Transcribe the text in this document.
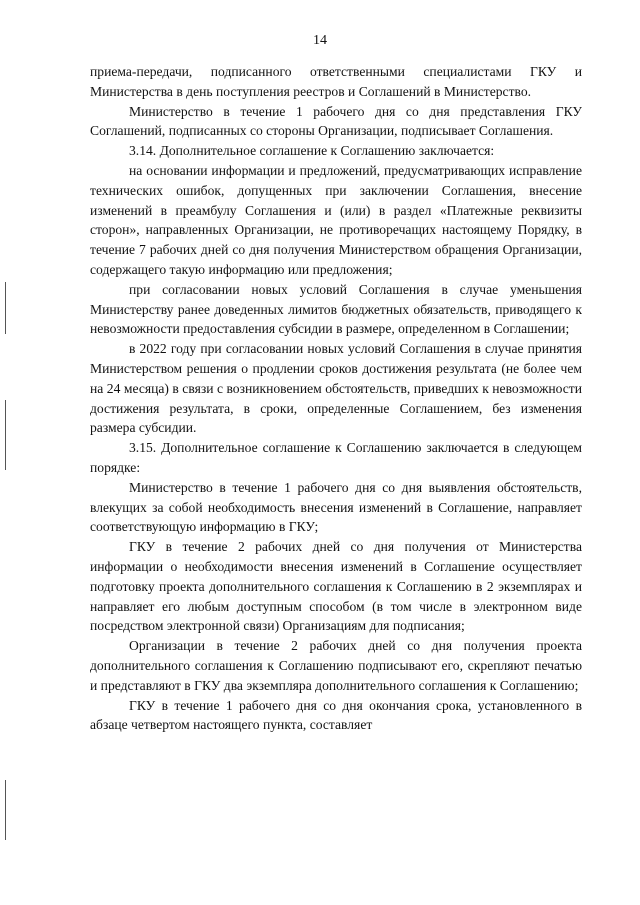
14

приема-передачи, подписанного ответственными специалистами ГКУ и Министерства в день поступления реестров и Соглашений в Министерство.

Министерство в течение 1 рабочего дня со дня представления ГКУ Соглашений, подписанных со стороны Организации, подписывает Соглашения.

3.14. Дополнительное соглашение к Соглашению заключается:

на основании информации и предложений, предусматривающих исправление технических ошибок, допущенных при заключении Соглашения, внесение изменений в преамбулу Соглашения и (или) в раздел «Платежные реквизиты сторон», направленных Организации, не противоречащих настоящему Порядку, в течение 7 рабочих дней со дня получения Министерством обращения Организации, содержащего такую информацию или предложения;

при согласовании новых условий Соглашения в случае уменьшения Министерству ранее доведенных лимитов бюджетных обязательств, приводящего к невозможности предоставления субсидии в размере, определенном в Соглашении;

в 2022 году при согласовании новых условий Соглашения в случае принятия Министерством решения о продлении сроков достижения результата (не более чем на 24 месяца) в связи с возникновением обстоятельств, приведших к невозможности достижения результата, в сроки, определенные Соглашением, без изменения размера субсидии.

3.15. Дополнительное соглашение к Соглашению заключается в следующем порядке:

Министерство в течение 1 рабочего дня со дня выявления обстоятельств, влекущих за собой необходимость внесения изменений в Соглашение, направляет соответствующую информацию в ГКУ;

ГКУ в течение 2 рабочих дней со дня получения от Министерства информации о необходимости внесения изменений в Соглашение осуществляет подготовку проекта дополнительного соглашения к Соглашению в 2 экземплярах и направляет его любым доступным способом (в том числе в электронном виде посредством электронной связи) Организациям для подписания;

Организации в течение 2 рабочих дней со дня получения проекта дополнительного соглашения к Соглашению подписывают его, скрепляют печатью и представляют в ГКУ два экземпляра дополнительного соглашения к Соглашению;

ГКУ в течение 1 рабочего дня со дня окончания срока, установленного в абзаце четвертом настоящего пункта, составляет
